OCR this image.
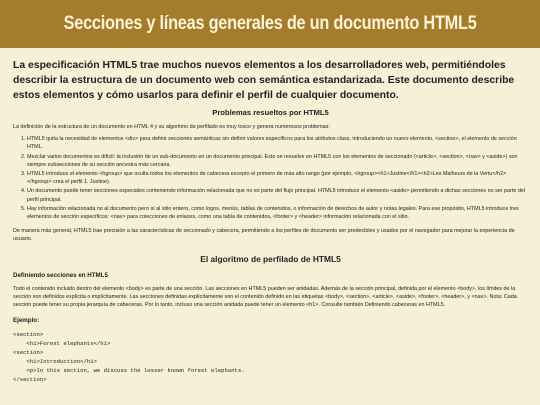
Secciones y líneas generales de un documento HTML5

La especificación HTML5 trae muchos nuevos elementos a los desarrolladores web, permitiéndoles describir la estructura de un documento web con semántica estandarizada. Este documento describe estos elementos y cómo usarlos para definir el perfil de cualquier documento.

Problemas resueltos por HTML5

La definición de la estructura de un documento en HTML 4 y su algoritmo de perfilado es muy tosco y genera numerosos problemas:

1. HTML5 quita la necesidad de elementos <div> para definir secciones semánticas sin definir valores específicos para los atributos class, introduciendo un nuevo elemento, <section>, el elemento de sección HTML.
2. Mezclar varios documentos es difícil: la inclusión de un sub-documento en un documento principal. Esto se resuelve en HTML5 con los elementos de seccionado (<article>, <section>, <nav> y <aside>) son siempre subsecciones de su sección ancestra más cercana.
3. HTML5 introduce el elemento <hgroup> que oculta todos los elementos de cabecera excepto el primero de más alto rango (por ejemplo, <hgroup><h1>Justine</h1><h2>Les Malheurs de la Vertu</h2></hgroup> crea el perfil 1. Justine).
4. Un documento puede tener secciones especiales conteniendo información relacionada que no es parte del flujo principal. HTML5 introduce el elemento <aside> permitiendo a dichas secciones no ser parte del perfil principal.
5. Hay información relacionada no al documento pero sí al sitio entero, como logos, menús, tablas de contenidos, o información de derechos de autor y notas legales. Para ese propósito, HTML5 introduce tres elementos de sección específicos: <nav> para colecciones de enlaces, como una tabla de contenidos, <footer> y <header> información relacionada con el sitio.

De manera más general, HTML5 trae precisión a las características de seccionado y cabecera, permitiendo a los perfiles de documento ser predecibles y usados por el navegador para mejorar la experiencia de usuario.

El algoritmo de perfilado de HTML5
Definiendo secciones en HTML5

Todo el contenido incluido dentro del elemento <body> es parte de una sección. Las secciones en HTML5 pueden ser anidadas. Además de la sección principal, definida por el elemento <body>, los límites de la sección son definidos explícita o implícitamente. Las secciones definidas explícitamente son el contenido definido en las etiquetas <body>, <section>, <article>, <aside>, <footer>, <header>, y <nav>. Nota: Cada sección puede tener su propia jerarquía de cabeceras. Por lo tanto, incluso una sección anidada puede tener un elemento <h1>. Consulte también Definiendo cabeceras en HTML5.

Ejemplo:
<section>
<h1>Forest elephants</h1>
<section>
<h1>Introduction</h1>
<p>In this section, we discuss the lesser known forest elephants.
</section>
